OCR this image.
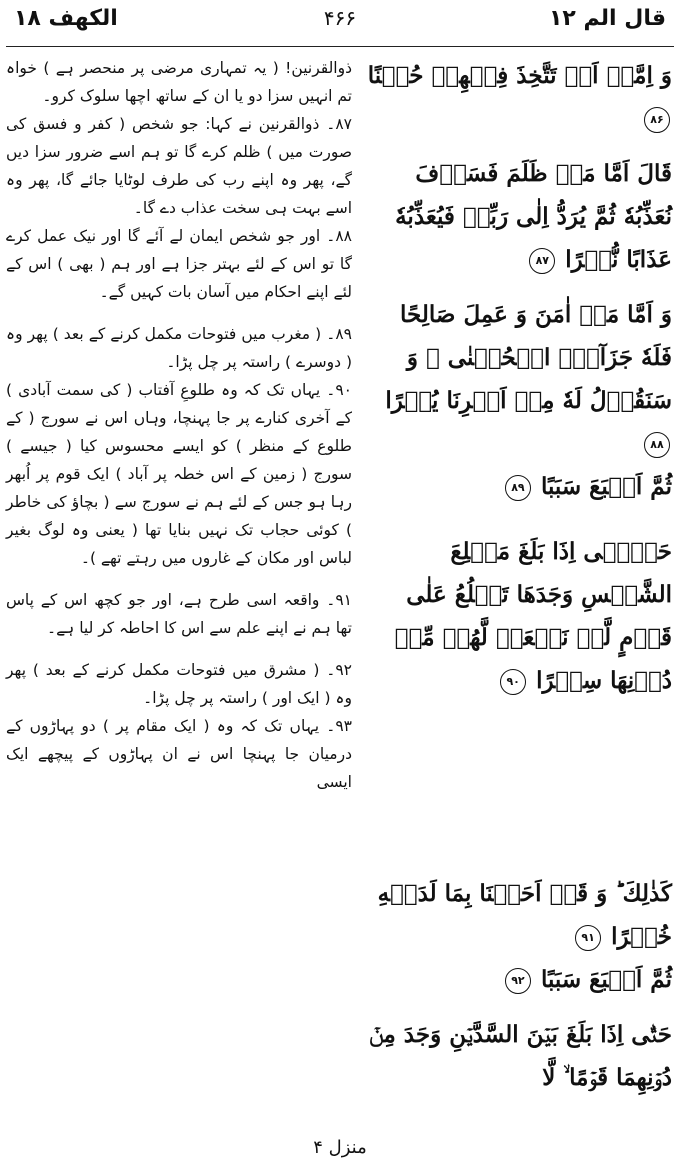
۴۶۶
الکھف ۱۸	قال الم ۱۲

ذوالقرنین! ( یہ تمہاری مرضی پر منحصر ہے ) خواہ تم انہیں سزا دو یا ان کے ساتھ اچھا سلوک کرو۔

۸۷۔ ذوالقرنین نے کہا: جو شخص ( کفر و فسق کی صورت میں ) ظلم کرے گا تو ہم اسے ضرور سزا دیں گے، پھر وہ اپنے رب کی طرف لوٹایا جائے گا، پھر وہ اسے بہت ہی سخت عذاب دے گا۔

۸۸۔ اور جو شخص ایمان لے آئے گا اور نیک عمل کرے گا تو اس کے لئے بہتر جزا ہے اور ہم ( بھی ) اس کے لئے اپنے احکام میں آسان بات کہیں گے۔

۸۹۔ ( مغرب میں فتوحات مکمل کرنے کے بعد ) پھر وہ ( دوسرے ) راستہ پر چل پڑا۔

۹۰۔ یہاں تک کہ وہ طلوعِ آفتاب ( کی سمت آبادی ) کے آخری کنارے پر جا پہنچا، وہاں اس نے سورج ( کے طلوع کے منظر ) کو ایسے محسوس کیا ( جیسے ) سورج ( زمین کے اس خطہ پر آباد ) ایک قوم پر اُبھر رہا ہو جس کے لئے ہم نے سورج سے ( بچاؤ کی خاطر ) کوئی حجاب تک نہیں بنایا تھا ( یعنی وہ لوگ بغیر لباس اور مکان کے غاروں میں رہتے تھے )۔

۹۱۔ واقعہ اسی طرح ہے، اور جو کچھ اس کے پاس تھا ہم نے اپنے علم سے اس کا احاطہ کر لیا ہے۔

۹۲۔ ( مشرق میں فتوحات مکمل کرنے کے بعد ) پھر وہ ( ایک اور ) راستہ پر چل پڑا۔

۹۳۔ یہاں تک کہ وہ ( ایک مقام پر ) دو پہاڑوں کے درمیان جا پہنچا اس نے ان پہاڑوں کے پیچھے ایک ایسی

وَ اِمَّاۤ اَنۡ تَتَّخِذَ فِیۡهِمۡ حُسۡنًا ۸۶

قَالَ اَمَّا مَنۡ ظَلَمَ فَسَوۡفَ نُعَذِّبُهٗ ثُمَّ یُرَدُّ اِلٰی رَبِّهٖ فَیُعَذِّبُهٗ عَذَابًا نُّكۡرًا ۸۷

وَ اَمَّا مَنۡ اٰمَنَ وَ عَمِلَ صَالِحًا فَلَهٗ جَزَآءَۨ الۡحُسۡنٰی ۚ وَ سَنَقُوۡلُ لَهٗ مِنۡ اَمۡرِنَا یُسۡرًا ۸۸

ثُمَّ اَتۡبَعَ سَبَبًا ۸۹

حَتّٰۤی اِذَا بَلَغَ مَطۡلِعَ الشَّمۡسِ وَجَدَهَا تَطۡلُعُ عَلٰی قَوۡمٍ لَّمۡ نَجۡعَلۡ لَّهُمۡ مِّنۡ دُوۡنِهَا سِتۡرًا ۹۰

كَذٰلِكَ ؕ وَ قَدۡ اَحَطۡنَا بِمَا لَدَیۡهِ خُبۡرًا ۹۱

ثُمَّ اَتۡبَعَ سَبَبًا ۹۲

حَتّٰۤی اِذَا بَلَغَ بَیۡنَ السَّدَّیۡنِ وَجَدَ مِنۡ دُوۡنِهِمَا قَوۡمًا ۙ لَّا

منزل ۴
